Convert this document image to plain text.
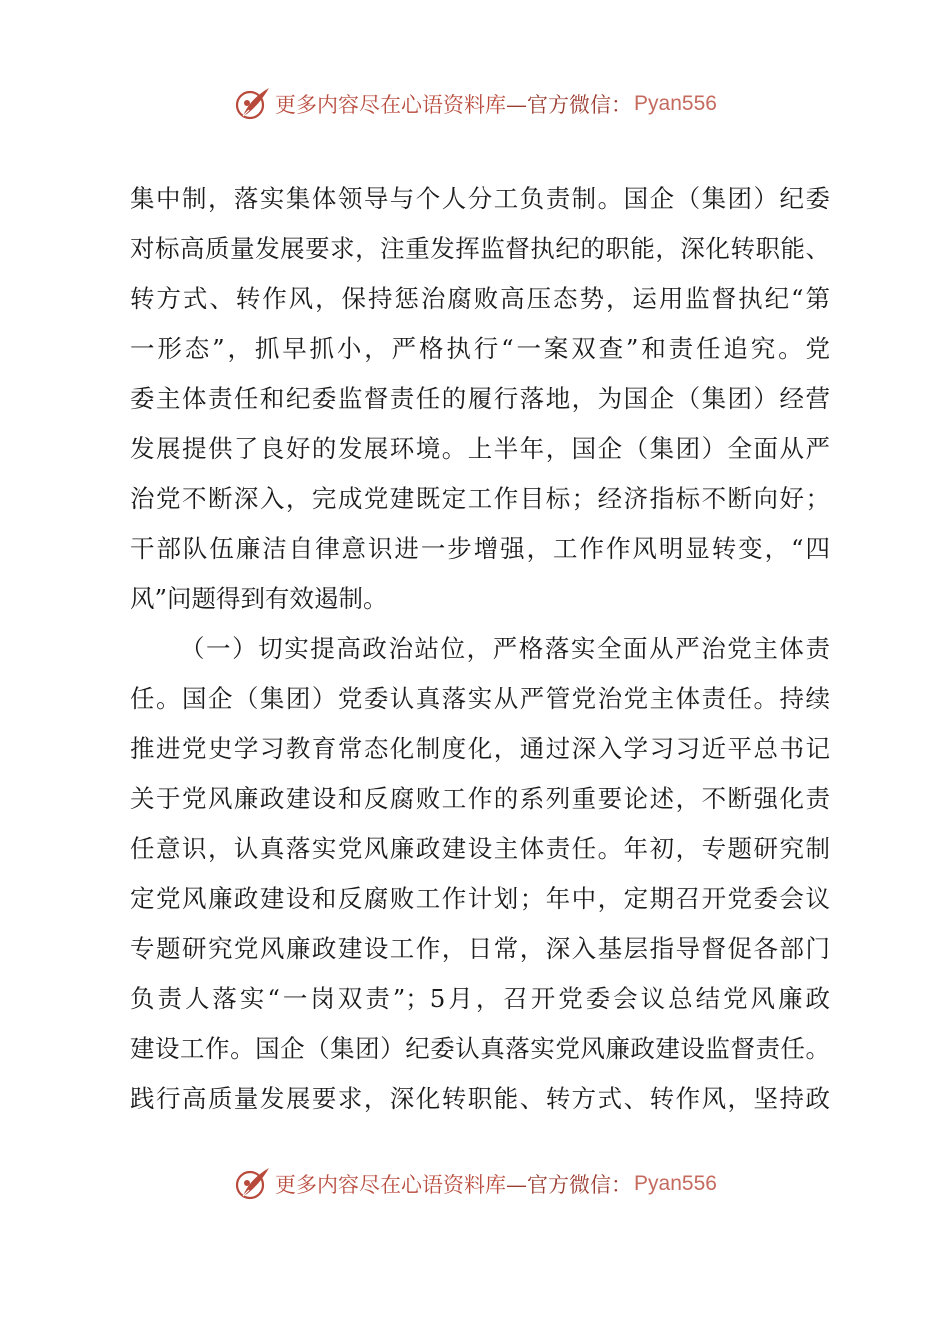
更多内容尽在心语资料库 —官方微信： Pyan556
集中制，落实集体领导与个人分工负责制。国企（集团）纪委
对标高质量发展要求，注重发挥监督执纪的职能，深化转职能、
转方式、转作风，保持惩治腐败高压态势，运用监督执纪“第
一形态”，抓早抓小，严格执行“一案双查”和责任追究。党
委主体责任和纪委监督责任的履行落地，为国企（集团）经营
发展提供了良好的发展环境。上半年，国企（集团）全面从严
治党不断深入，完成党建既定工作目标；经济指标不断向好；
干部队伍廉洁自律意识进一步增强，工作作风明显转变，“四
风”问题得到有效遏制。
（一）切实提高政治站位，严格落实全面从严治党主体责
任。国企（集团）党委认真落实从严管党治党主体责任。持续
推进党史学习教育常态化制度化，通过深入学习习近平总书记
关于党风廉政建设和反腐败工作的系列重要论述，不断强化责
任意识，认真落实党风廉政建设主体责任。年初，专题研究制
定党风廉政建设和反腐败工作计划；年中，定期召开党委会议
专题研究党风廉政建设工作，日常，深入基层指导督促各部门
负责人落实“一岗双责”；5月，召开党委会议总结党风廉政
建设工作。国企（集团）纪委认真落实党风廉政建设监督责任。
践行高质量发展要求，深化转职能、转方式、转作风，坚持政
更多内容尽在心语资料库 —官方微信： Pyan556
